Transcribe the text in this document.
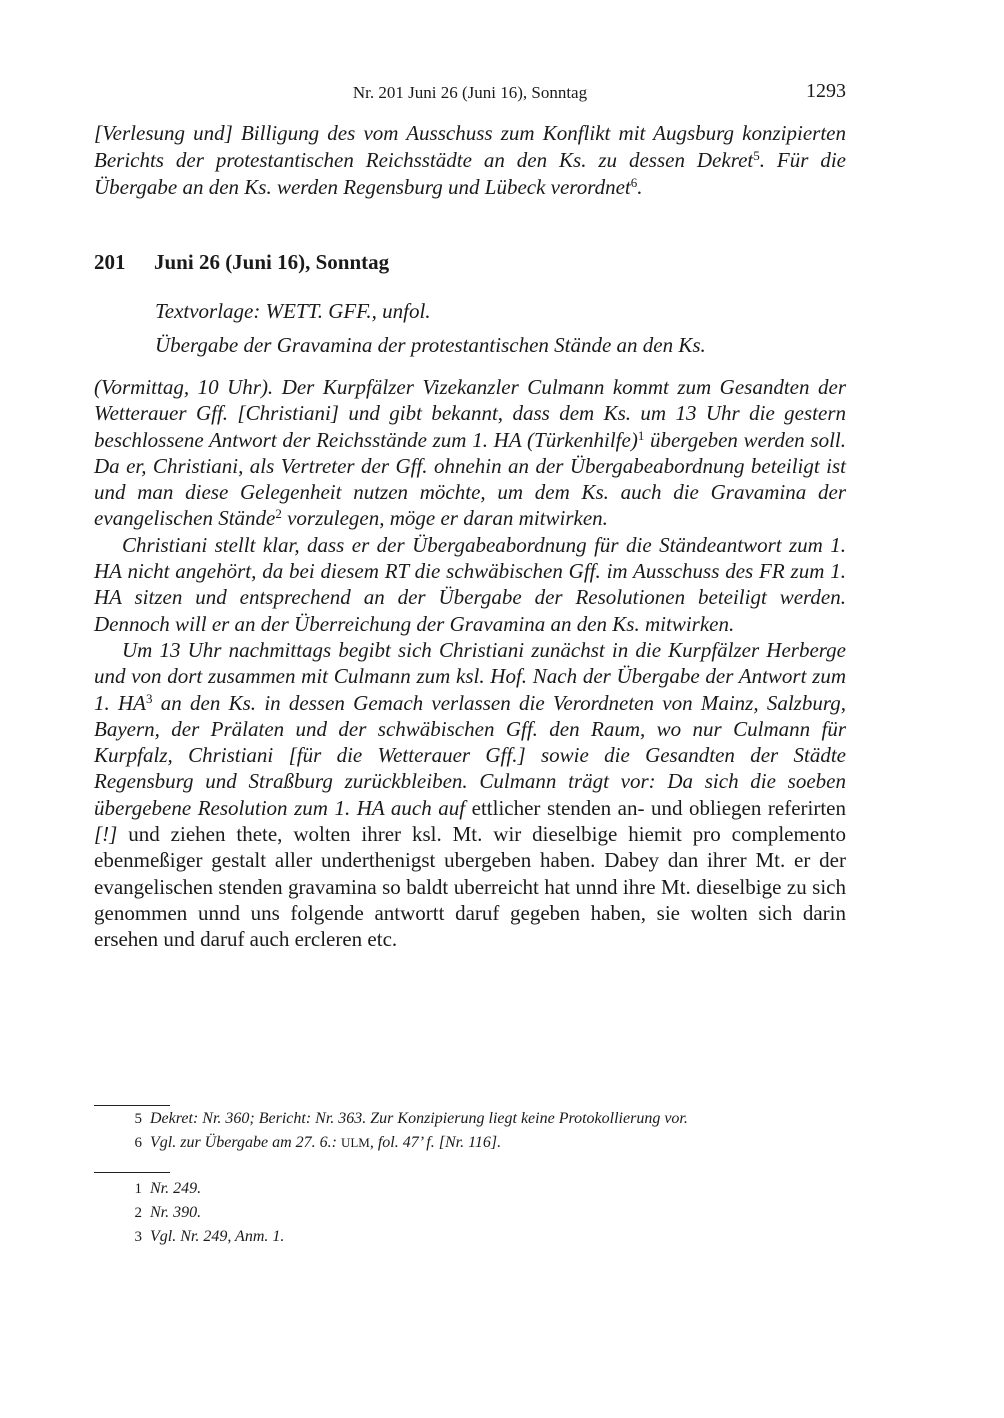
Nr. 201 Juni 26 (Juni 16), Sonntag	1293
[Verlesung und] Billigung des vom Ausschuss zum Konflikt mit Augsburg konzipierten Berichts der protestantischen Reichsstädte an den Ks. zu dessen Dekret$^5$. Für die Übergabe an den Ks. werden Regensburg und Lübeck verordnet$^6$.
201 Juni 26 (Juni 16), Sonntag
Textvorlage: WETT. GFF., unfol.
Übergabe der Gravamina der protestantischen Stände an den Ks.

(Vormittag, 10 Uhr). Der Kurpfälzer Vizekanzler Culmann kommt zum Gesandten der Wetterauer Gff. [Christiani] und gibt bekannt, dass dem Ks. um 13 Uhr die gestern beschlossene Antwort der Reichsstände zum 1. HA (Türkenhilfe)$^1$ übergeben werden soll. Da er, Christiani, als Vertreter der Gff. ohnehin an der Übergabeabordnung beteiligt ist und man diese Gelegenheit nutzen möchte, um dem Ks. auch die Gravamina der evangelischen Stände$^2$ vorzulegen, möge er daran mitwirken.

Christiani stellt klar, dass er der Übergabeabordnung für die Ständeantwort zum 1. HA nicht angehört, da bei diesem RT die schwäbischen Gff. im Ausschuss des FR zum 1. HA sitzen und entsprechend an der Übergabe der Resolutionen beteiligt werden. Dennoch will er an der Überreichung der Gravamina an den Ks. mitwirken.

Um 13 Uhr nachmittags begibt sich Christiani zunächst in die Kurpfälzer Herberge und von dort zusammen mit Culmann zum ksl. Hof. Nach der Übergabe der Antwort zum 1. $HA^3$ an den Ks. in dessen Gemach verlassen die Verordneten von Mainz, Salzburg, Bayern, der Prälaten und der schwäbischen Gff. den Raum, wo nur Culmann für Kurpfalz, Christiani [für die Wetterauer Gff.] sowie die Gesandten der Städte Regensburg und Straßburg zurückbleiben. Culmann trägt vor: Da sich die soeben übergebene Resolution zum 1. HA auch auf ettlicher stenden an- und obliegen referirten [!] und ziehen thete, wolten ihrer ksl. Mt. wir dieselbige hiemit pro complemento ebenmeßiger gestalt aller underthenigst ubergeben haben. Dabey dan ihrer Mt. er der evangelischen stenden gravamina so baldt uberreicht hat unnd ihre Mt. dieselbige zu sich genommen unnd uns folgende antwortt daruf gegeben haben, sie wolten sich darin ersehen und daruf auch ercleren etc.

5 Dekret: Nr. 360; Bericht: Nr. 363. Zur Konzipierung liegt keine Protokollierung vor.
6 Vgl. zur Übergabe am 27. 6.: ULM, fol. 47’ f. [Nr. 116].
1 Nr. 249.
2 Nr. 390.
3 Vgl. Nr. 249, Anm. 1.
